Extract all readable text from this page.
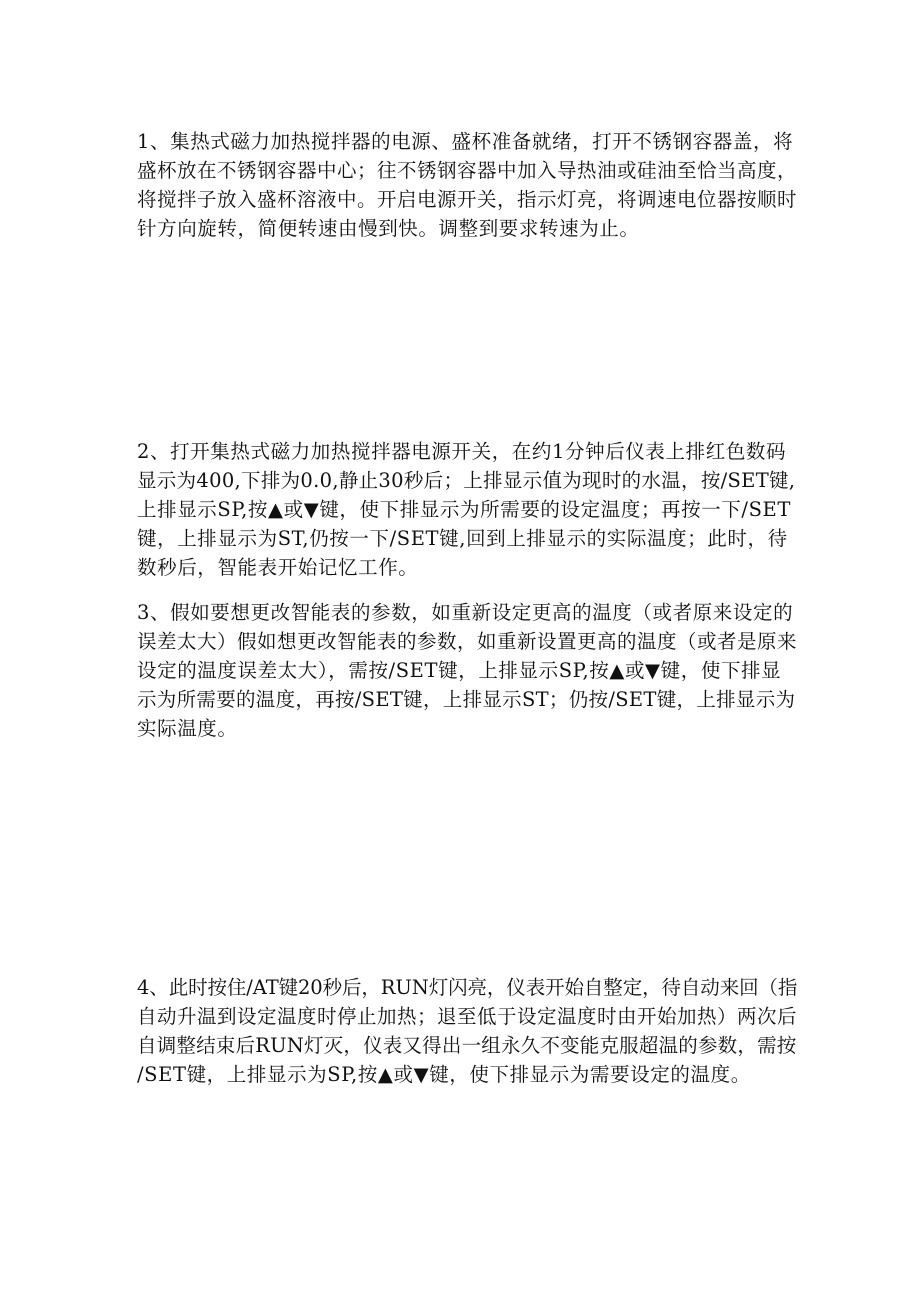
1、集热式磁力加热搅拌器的电源、盛杯准备就绪，打开不锈钢容器盖，将
盛杯放在不锈钢容器中心；往不锈钢容器中加入导热油或硅油至恰当高度，
将搅拌子放入盛杯溶液中。开启电源开关，指示灯亮，将调速电位器按顺时
针方向旋转，简便转速由慢到快。调整到要求转速为止。
2、打开集热式磁力加热搅拌器电源开关，在约1分钟后仪表上排红色数码
显示为400,下排为0.0,静止30秒后；上排显示值为现时的水温，按/SET键,
上排显示SP,按▲或▼键，使下排显示为所需要的设定温度；再按一下/SET
键，上排显示为ST,仍按一下/SET键,回到上排显示的实际温度；此时，待
数秒后，智能表开始记忆工作。
3、假如要想更改智能表的参数，如重新设定更高的温度（或者原来设定的
误差太大）假如想更改智能表的参数，如重新设置更高的温度（或者是原来
设定的温度误差太大），需按/SET键，上排显示SP,按▲或▼键，使下排显
示为所需要的温度，再按/SET键，上排显示ST；仍按/SET键，上排显示为
实际温度。
4、此时按住/AT键20秒后，RUN灯闪亮，仪表开始自整定，待自动来回（指
自动升温到设定温度时停止加热；退至低于设定温度时由开始加热）两次后
自调整结束后RUN灯灭，仪表又得出一组永久不变能克服超温的参数，需按
/SET键，上排显示为SP,按▲或▼键，使下排显示为需要设定的温度。
